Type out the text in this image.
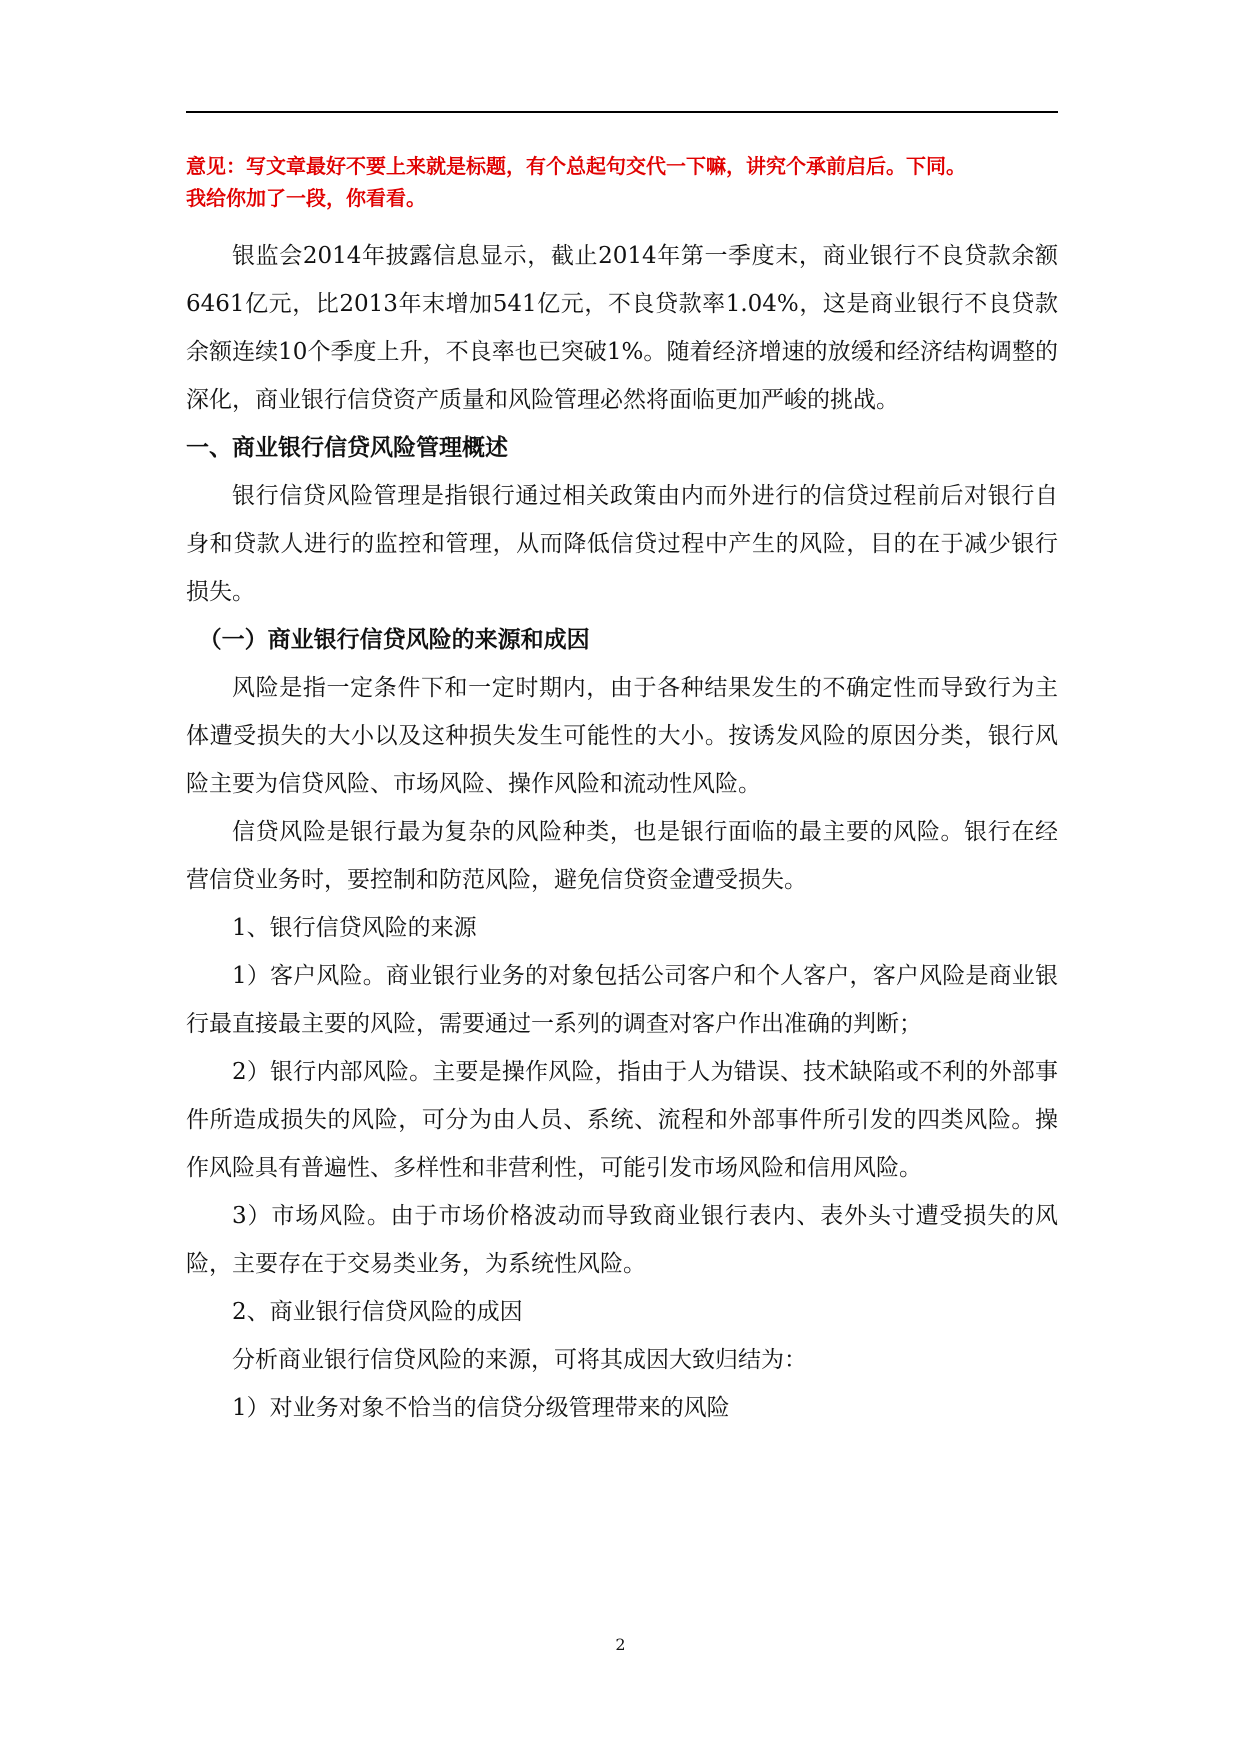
意见：写文章最好不要上来就是标题，有个总起句交代一下嘛，讲究个承前启后。下同。
我给你加了一段，你看看。

银监会2014年披露信息显示，截止2014年第一季度末，商业银行不良贷款余额6461亿元，比2013年末增加541亿元，不良贷款率1.04%，这是商业银行不良贷款余额连续10个季度上升，不良率也已突破1%。随着经济增速的放缓和经济结构调整的深化，商业银行信贷资产质量和风险管理必然将面临更加严峻的挑战。

一、商业银行信贷风险管理概述

银行信贷风险管理是指银行通过相关政策由内而外进行的信贷过程前后对银行自身和贷款人进行的监控和管理，从而降低信贷过程中产生的风险，目的在于减少银行损失。

（一）商业银行信贷风险的来源和成因

风险是指一定条件下和一定时期内，由于各种结果发生的不确定性而导致行为主体遭受损失的大小以及这种损失发生可能性的大小。按诱发风险的原因分类，银行风险主要为信贷风险、市场风险、操作风险和流动性风险。

信贷风险是银行最为复杂的风险种类，也是银行面临的最主要的风险。银行在经营信贷业务时，要控制和防范风险，避免信贷资金遭受损失。

1、银行信贷风险的来源

1）客户风险。商业银行业务的对象包括公司客户和个人客户，客户风险是商业银行最直接最主要的风险，需要通过一系列的调查对客户作出准确的判断；

2）银行内部风险。主要是操作风险，指由于人为错误、技术缺陷或不利的外部事件所造成损失的风险，可分为由人员、系统、流程和外部事件所引发的四类风险。操作风险具有普遍性、多样性和非营利性，可能引发市场风险和信用风险。

3）市场风险。由于市场价格波动而导致商业银行表内、表外头寸遭受损失的风险，主要存在于交易类业务，为系统性风险。

2、商业银行信贷风险的成因

分析商业银行信贷风险的来源，可将其成因大致归结为：

1）对业务对象不恰当的信贷分级管理带来的风险

2
